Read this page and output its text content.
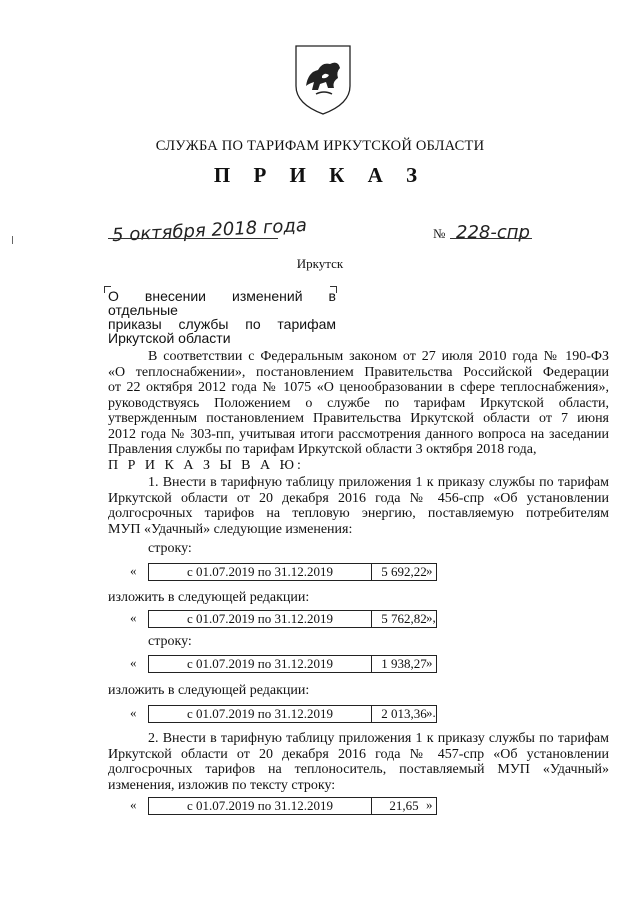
СЛУЖБА ПО ТАРИФАМ ИРКУТСКОЙ ОБЛАСТИ
П Р И К А З
5 октября 2018 года	№ 228-спр
Иркутск
О внесении изменений в отдельные
приказы службы по тарифам
Иркутской области
В соответствии с Федеральным законом от 27 июля 2010 года № 190-ФЗ
«О теплоснабжении», постановлением Правительства Российской Федерации
от 22 октября 2012 года № 1075 «О ценообразовании в сфере теплоснабжения»,
руководствуясь Положением о службе по тарифам Иркутской области,
утвержденным постановлением Правительства Иркутской области от 7 июня
2012 года № 303-пп, учитывая итоги рассмотрения данного вопроса на заседании
Правления службы по тарифам Иркутской области 3 октября 2018 года,
П Р И К А З Ы В А Ю:
1. Внести в тарифную таблицу приложения 1 к приказу службы по тарифам
Иркутской области от 20 декабря 2016 года № 456-спр «Об установлении
долгосрочных тарифов на тепловую энергию, поставляемую потребителям
МУП «Удачный» следующие изменения:
строку:
«	с 01.07.2019 по 31.12.2019	5 692,22 »
изложить в следующей редакции:
«	с 01.07.2019 по 31.12.2019	5 762,82 »,
строку:
«	с 01.07.2019 по 31.12.2019	1 938,27 »
изложить в следующей редакции:
«	с 01.07.2019 по 31.12.2019	2 013,36 ».
2. Внести в тарифную таблицу приложения 1 к приказу службы по тарифам
Иркутской области от 20 декабря 2016 года № 457-спр «Об установлении
долгосрочных тарифов на теплоноситель, поставляемый МУП «Удачный»
изменения, изложив по тексту строку:
«	с 01.07.2019 по 31.12.2019	21,65 »
